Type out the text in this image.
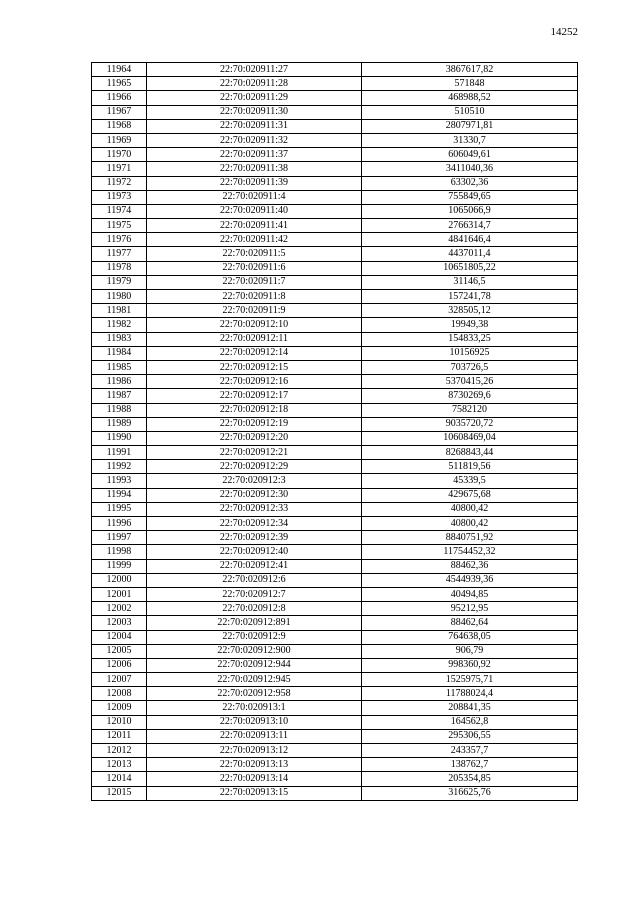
14252
11964	22:70:020911:27	3867617,82
11965	22:70:020911:28	571848
11966	22:70:020911:29	468988,52
11967	22:70:020911:30	510510
11968	22:70:020911:31	2807971,81
11969	22:70:020911:32	31330,7
11970	22:70:020911:37	606049,61
11971	22:70:020911:38	3411040,36
11972	22:70:020911:39	63302,36
11973	22:70:020911:4	755849,65
11974	22:70:020911:40	1065066,9
11975	22:70:020911:41	2766314,7
11976	22:70:020911:42	4841646,4
11977	22:70:020911:5	4437011,4
11978	22:70:020911:6	10651805,22
11979	22:70:020911:7	31146,5
11980	22:70:020911:8	157241,78
11981	22:70:020911:9	328505,12
11982	22:70:020912:10	19949,38
11983	22:70:020912:11	154833,25
11984	22:70:020912:14	10156925
11985	22:70:020912:15	703726,5
11986	22:70:020912:16	5370415,26
11987	22:70:020912:17	8730269,6
11988	22:70:020912:18	7582120
11989	22:70:020912:19	9035720,72
11990	22:70:020912:20	10608469,04
11991	22:70:020912:21	8268843,44
11992	22:70:020912:29	511819,56
11993	22:70:020912:3	45339,5
11994	22:70:020912:30	429675,68
11995	22:70:020912:33	40800,42
11996	22:70:020912:34	40800,42
11997	22:70:020912:39	8840751,92
11998	22:70:020912:40	11754452,32
11999	22:70:020912:41	88462,36
12000	22:70:020912:6	4544939,36
12001	22:70:020912:7	40494,85
12002	22:70:020912:8	95212,95
12003	22:70:020912:891	88462,64
12004	22:70:020912:9	764638,05
12005	22:70:020912:900	906,79
12006	22:70:020912:944	998360,92
12007	22:70:020912:945	1525975,71
12008	22:70:020912:958	11788024,4
12009	22:70:020913:1	208841,35
12010	22:70:020913:10	164562,8
12011	22:70:020913:11	295306,55
12012	22:70:020913:12	243357,7
12013	22:70:020913:13	138762,7
12014	22:70:020913:14	205354,85
12015	22:70:020913:15	316625,76
